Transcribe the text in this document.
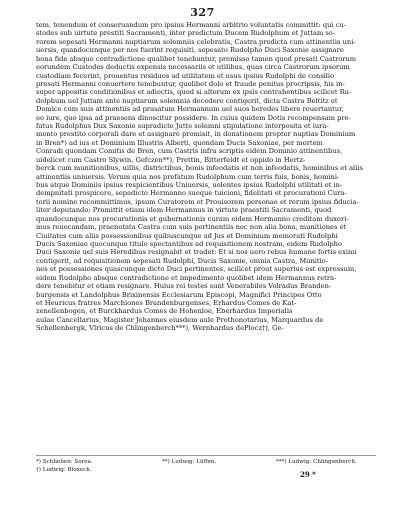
327
tem, tenendum et conseruandum pro ipsius Hermanni arbitrio voluntatis committit: qui cu-
stodes sub uirtute prestiti Sacramenti, inter predictum Ducem Rudolphum et Juttam so-
rorem sepesati Hermanni nuptiarum solemniis celebratis, Castra predicta cum attinentiis uni-
uersis, quandocunque per nos fuerint requisiti, sepesato Rudolpho Duci Saxonie assignare
bona fide absque contradictione qualibet tenebuntur, premisso tamen quod presati Castrorum
eorundem Custodes deductis expensis necessariis et utilibus, quas circa Castrorum ipsorum
custodiam fecerint, prouentus residuos ad utilitatem et usus ipsius Rudolphi de consilio
presati Hermanni conuertere tenebuntur, quolibet dolo et fraude penitus procripsis, his in-
super appositis conditionibus et adiectis, quod si alterum ex ipsis contrahentibus scilicet Ru-
dolphum uel Juttam ante nuptiarum solemnia decedere contigerit, dicta Castra Beltitz et
Domice cum suis attinentiis ad prasatum Hermannum uel suos heredes libere reuertantur,
eo iure, quo ipsa ad praesens dinoscitur possidere. In cuius quidem Dotis recompensam pre-
fatus Rudolphus Dux Saxonie supradicte Jutte solemni stipulatione interposita et iura-
mento prestito corporali dare et assignare promisit, in donationem propter nuptias Dominium
in Bren*) ad ius et Dominium Illustris Alberti, quondam Ducis Saxoniae, per mortem
Conradi quondam Comitis de Bren, cum Castris infra scriptis eidem Dominio attinentibus,
uidelicet cum Castro Slywin, Gefczen**), Prettin, Bitterfeldt et oppido in Hertz-
berck cum munitionibus, uillis, districtibus, bonis infeodatis et non infeodatis, hominibus et aliis
attinentiis uniuersis. Verum quia nos prefatum Rudolphum cum terris fuis, bonis, homini-
bus atque Dominiis ipsius respicientibus Uniuersis, uolentes ipsius Rudolphi utilitati et in-
dempnitati prospicere, sepedicto Hermanno sueque tuicioni, fidelitati et procurationi Cura-
torii nomine recommittimus, ipsum Curatorem et Prouisorem personae et rerum ipsius fiducia-
liter deputando; Promittit etiam idem Hermannus in virtute praestiti Sacramenti, quod
quandocunque nos procurationis et gubernationis curam eidem Hermanno creditam duxeri-
mus reuocandam, praenotata Castra cum suis pertinentiis nec non alia bona, munitiones et
Ciuitates cum aliis possessionibus quibuscunque ad Jus et Dominium memorati Rudolphi
Ducis Saxoniae quocunque titulo spectantibus ad requisitionem nostram, eidem Rudolpho
Duci Saxonie uel suis Heredibus resignabit et tradet: Et si nos uero rebus humane fortis eximi
contigerit, ad requisitionem sepesati Rudolphi, Ducis Saxonie, omnia Castra, Munitio-
nes et possessiones quascunque dicto Duci pertinentes, scilicet prout superius est expressum,
eidem Rudolpho absque contradictione et impedimento quolibet idem Hermannus retra-
dere tenebitur et etiam resignare. Huius rei testes sunt Venerabiles Volradus Branden-
burgensis et Landolphus Brixinensis Ecclesiarum Episcopi, Magnifici Principes Otto
et Heuricus fratres Marchiones Brandenburgenses, Erhardus Comes de Kat-
zenellenbogen, et Burckhardus Comes de Hohenloe, Eberhardus Imperialis
aulae Cancellarius, Magister Johannes eiusdem aule Prothonotarius, Marquardus de
Schellenbergk, Vlricus de Chlingenberch***), Wernhardus dePlocz†), Ge-
*) Schlieben: Sorea.	**) Ludwig: Lüffen.	***) Ludwig: Chlingenberch.
†) Ludwig: Bloxeck.
29 *
